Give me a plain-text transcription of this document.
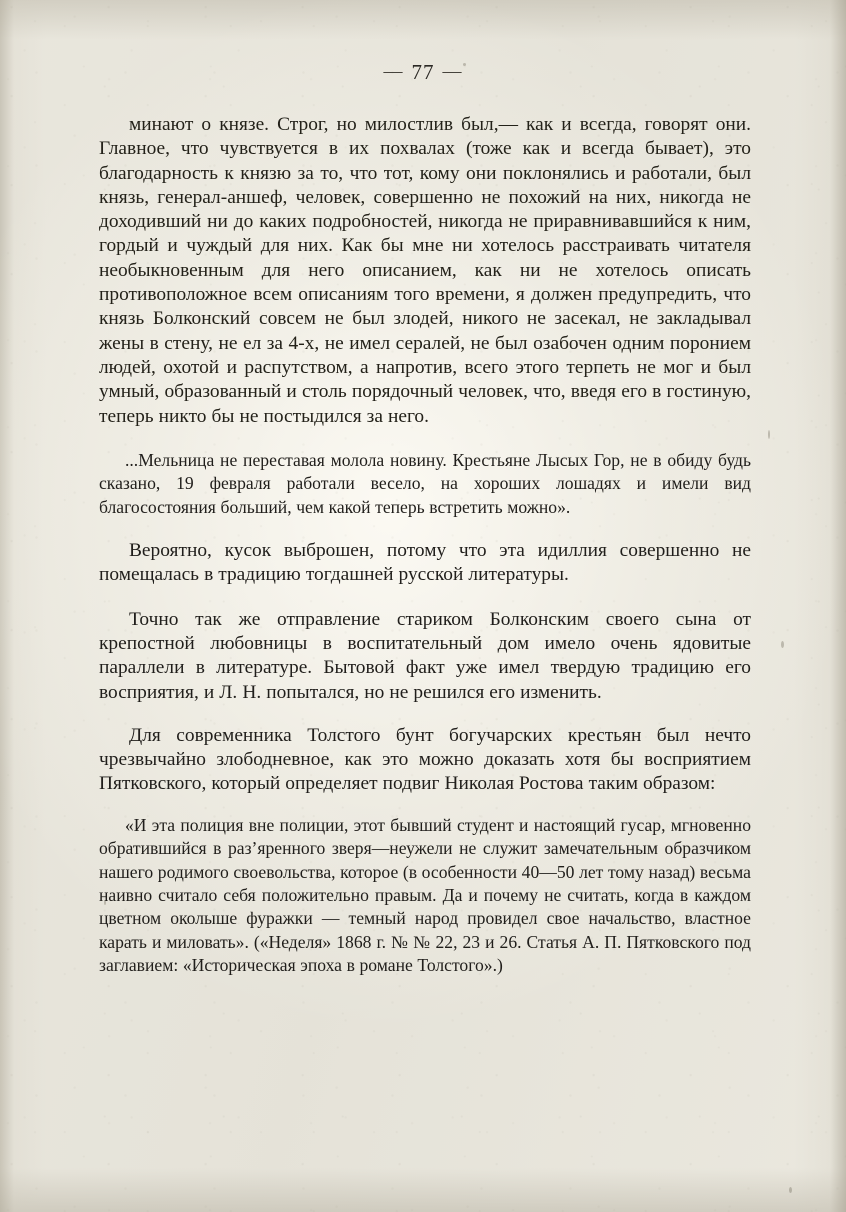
— 77 —

минают о князе. Строг, но милостлив был,— как и всегда, говорят они. Главное, что чувствуется в их похвалах (тоже как и всегда бывает), это благодарность к князю за то, что тот, кому они поклонялись и работали, был князь, генерал-аншеф, человек, совершенно не похожий на них, никогда не доходивший ни до каких подробностей, никогда не приравнивавшийся к ним, гордый и чуждый для них. Как бы мне ни хотелось расстраивать читателя необыкновенным для него описанием, как ни не хотелось описать противоположное всем описаниям того времени, я должен предупредить, что князь Болконский совсем не был злодей, никого не засекал, не закладывал жены в стену, не ел за 4-х, не имел сералей, не был озабочен одним поронием людей, охотой и распутством, а напротив, всего этого терпеть не мог и был умный, образованный и столь порядочный человек, что, введя его в гостиную, теперь никто бы не постыдился за него.

...Мельница не переставая молола новину. Крестьяне Лысых Гор, не в обиду будь сказано, 19 февраля работали весело, на хороших лошадях и имели вид благосостояния больший, чем какой теперь встретить можно».

Вероятно, кусок выброшен, потому что эта идиллия совершенно не помещалась в традицию тогдашней русской литературы.

Точно так же отправление стариком Болконским своего сына от крепостной любовницы в воспитательный дом имело очень ядовитые параллели в литературе. Бытовой факт уже имел твердую традицию его восприятия, и Л. Н. попытался, но не решился его изменить.

Для современника Толстого бунт богучарских крестьян был нечто чрезвычайно злободневное, как это можно доказать хотя бы восприятием Пятковского, который определяет подвиг Николая Ростова таким образом:

«И эта полиция вне полиции, этот бывший студент и настоящий гусар, мгновенно обратившийся в раз’яренного зверя—неужели не служит замечательным образчиком нашего родимого своевольства, которое (в особенности 40—50 лет тому назад) весьма наивно считало себя положительно правым. Да и почему не считать, когда в каждом цветном околыше фуражки — темный народ провидел свое начальство, властное карать и миловать». («Неделя» 1868 г. № № 22, 23 и 26. Статья А. П. Пятковского под заглавием: «Историческая эпоха в романе Толстого».)
